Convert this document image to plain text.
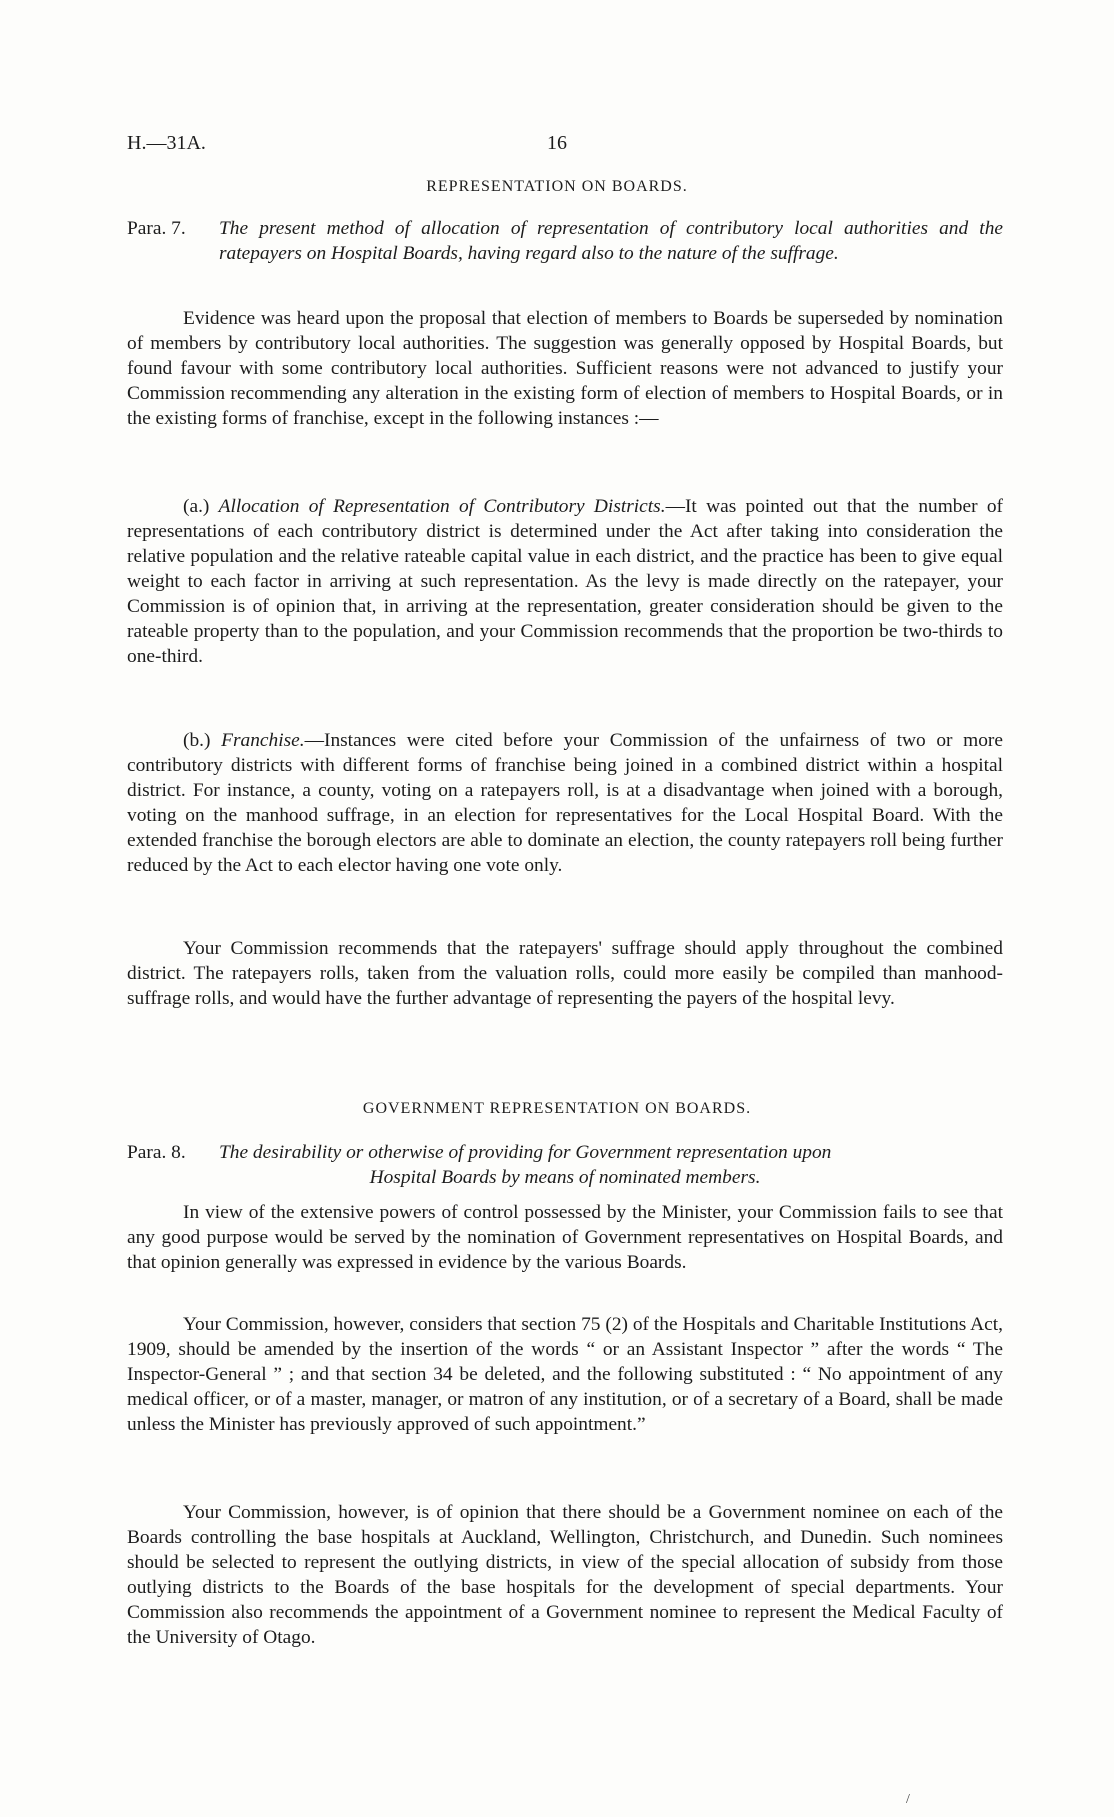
H.—31A.	16
REPRESENTATION ON BOARDS.
Para. 7. The present method of allocation of representation of contributory local authorities and the ratepayers on Hospital Boards, having regard also to the nature of the suffrage.

Evidence was heard upon the proposal that election of members to Boards be superseded by nomination of members by contributory local authorities. The suggestion was generally opposed by Hospital Boards, but found favour with some contributory local authorities. Sufficient reasons were not advanced to justify your Commission recommending any alteration in the existing form of election of members to Hospital Boards, or in the existing forms of franchise, except in the following instances :—

(a.) Allocation of Representation of Contributory Districts.—It was pointed out that the number of representations of each contributory district is determined under the Act after taking into consideration the relative population and the relative rateable capital value in each district, and the practice has been to give equal weight to each factor in arriving at such representation. As the levy is made directly on the ratepayer, your Commission is of opinion that, in arriving at the representation, greater consideration should be given to the rateable property than to the population, and your Commission recommends that the proportion be two-thirds to one-third.

(b.) Franchise.—Instances were cited before your Commission of the unfairness of two or more contributory districts with different forms of franchise being joined in a combined district within a hospital district. For instance, a county, voting on a ratepayers roll, is at a disadvantage when joined with a borough, voting on the manhood suffrage, in an election for representatives for the Local Hospital Board. With the extended franchise the borough electors are able to dominate an election, the county ratepayers roll being further reduced by the Act to each elector having one vote only.

Your Commission recommends that the ratepayers' suffrage should apply throughout the combined district. The ratepayers rolls, taken from the valuation rolls, could more easily be compiled than manhood-suffrage rolls, and would have the further advantage of representing the payers of the hospital levy.

GOVERNMENT REPRESENTATION ON BOARDS.
Para. 8. The desirability or otherwise of providing for Government representation upon
Hospital Boards by means of nominated members.

In view of the extensive powers of control possessed by the Minister, your Commission fails to see that any good purpose would be served by the nomination of Government representatives on Hospital Boards, and that opinion generally was expressed in evidence by the various Boards.

Your Commission, however, considers that section 75 (2) of the Hospitals and Charitable Institutions Act, 1909, should be amended by the insertion of the words “ or an Assistant Inspector ” after the words “ The Inspector-General ” ; and that section 34 be deleted, and the following substituted : “ No appointment of any medical officer, or of a master, manager, or matron of any institution, or of a secretary of a Board, shall be made unless the Minister has previously approved of such appointment.”

Your Commission, however, is of opinion that there should be a Government nominee on each of the Boards controlling the base hospitals at Auckland, Wellington, Christchurch, and Dunedin. Such nominees should be selected to represent the outlying districts, in view of the special allocation of subsidy from those outlying districts to the Boards of the base hospitals for the development of special departments. Your Commission also recommends the appointment of a Government nominee to represent the Medical Faculty of the University of Otago.

/
